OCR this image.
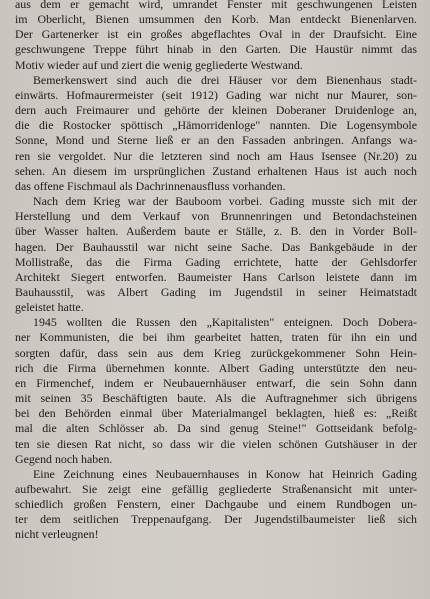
aus dem er gemacht wird, umrandet Fenster mit geschwungenen Leisten
im Oberlicht, Bienen umsummen den Korb. Man entdeckt Bienenlarven.
Der Gartenerker ist ein großes abgeflachtes Oval in der Draufsicht. Eine
geschwungene Treppe führt hinab in den Garten. Die Haustür nimmt das
Motiv wieder auf und ziert die wenig gegliederte Westwand.
Bemerkenswert sind auch die drei Häuser vor dem Bienenhaus stadt-
einwärts. Hofmaurermeister (seit 1912) Gading war nicht nur Maurer, son-
dern auch Freimaurer und gehörte der kleinen Doberaner Druidenloge an,
die die Rostocker spöttisch „Hämorridenloge" nannten. Die Logensymbole
Sonne, Mond und Sterne ließ er an den Fassaden anbringen. Anfangs wa-
ren sie vergoldet. Nur die letzteren sind noch am Haus Isensee (Nr.20) zu
sehen. An diesem im ursprünglichen Zustand erhaltenen Haus ist auch noch
das offene Fischmaul als Dachrinnenausfluss vorhanden.
Nach dem Krieg war der Bauboom vorbei. Gading musste sich mit der
Herstellung und dem Verkauf von Brunnenringen und Betondachsteinen
über Wasser halten. Außerdem baute er Ställe, z. B. den in Vorder Boll-
hagen. Der Bauhausstil war nicht seine Sache. Das Bankgebäude in der
Mollistraße, das die Firma Gading errichtete, hatte der Gehlsdorfer
Architekt Siegert entworfen. Baumeister Hans Carlson leistete dann im
Bauhausstil, was Albert Gading im Jugendstil in seiner Heimatstadt
geleistet hatte.
1945 wollten die Russen den „Kapitalisten" enteignen. Doch Dobera-
ner Kommunisten, die bei ihm gearbeitet hatten, traten für ihn ein und
sorgten dafür, dass sein aus dem Krieg zurückgekommener Sohn Hein-
rich die Firma übernehmen konnte. Albert Gading unterstützte den neu-
en Firmenchef, indem er Neubauernhäuser entwarf, die sein Sohn dann
mit seinen 35 Beschäftigten baute. Als die Auftragnehmer sich übrigens
bei den Behörden einmal über Materialmangel beklagten, hieß es: „Reißt
mal die alten Schlösser ab. Da sind genug Steine!" Gottseidank befolg-
ten sie diesen Rat nicht, so dass wir die vielen schönen Gutshäuser in der
Gegend noch haben.
Eine Zeichnung eines Neubauernhauses in Konow hat Heinrich Gading
aufbewahrt. Sie zeigt eine gefällig gegliederte Straßenansicht mit unter-
schiedlich großen Fenstern, einer Dachgaube und einem Rundbogen un-
ter dem seitlichen Treppenaufgang. Der Jugendstilbaumeister ließ sich
nicht verleugnen!
